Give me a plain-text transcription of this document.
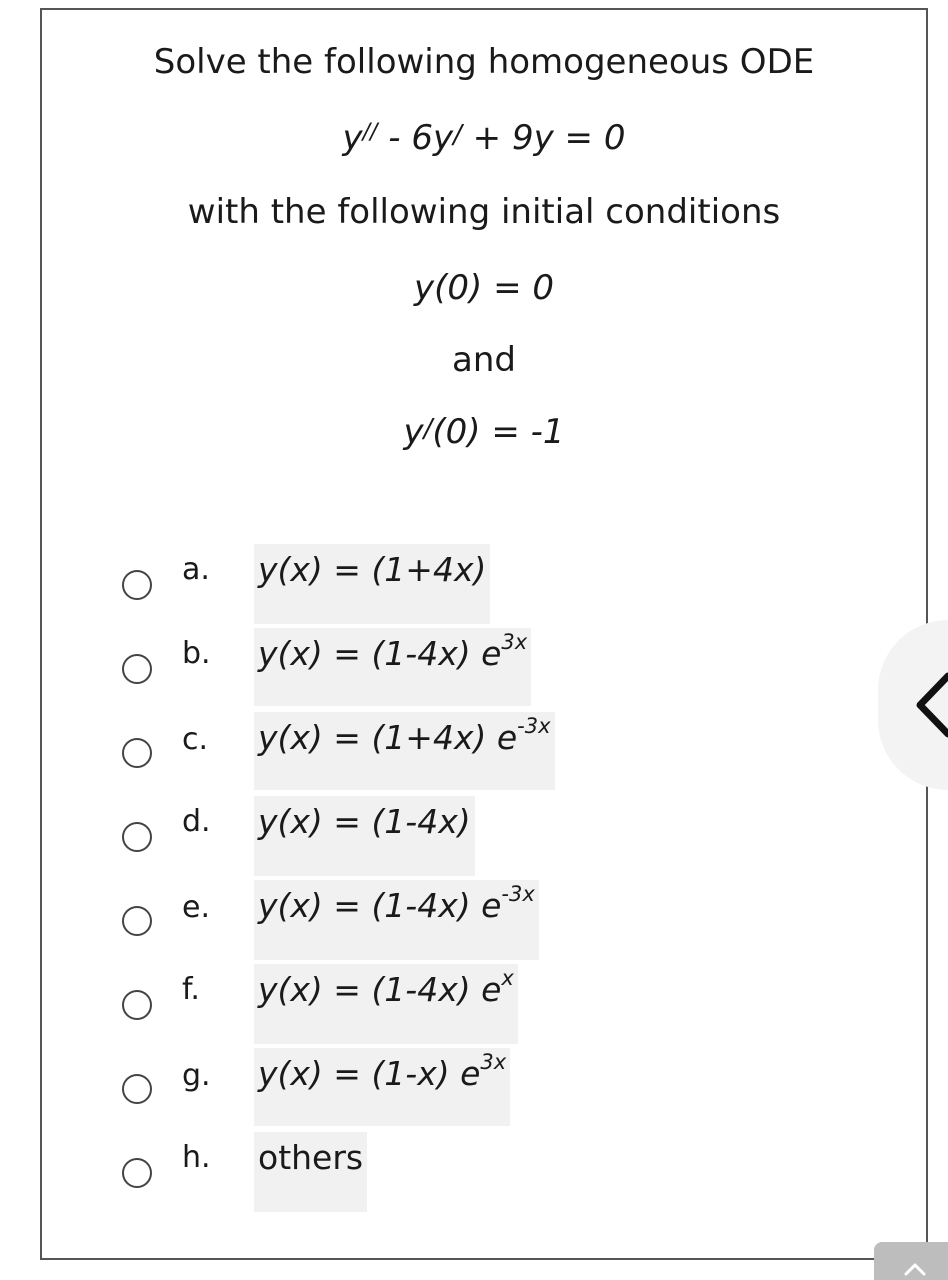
Solve the following homogeneous ODE
y// - 6y/ + 9y = 0
with the following initial conditions
y(0) = 0
and
y/(0) = -1
a. y(x) = (1+4x)
b. y(x) = (1-4x) $e^{3x}$
c. y(x) = (1+4x) $e^{-3x}$
d. y(x) = (1-4x)
e. y(x) = (1-4x) $e^{-3x}$
f. y(x) = (1-4x) $e^x$
g. y(x) = (1-x) $e^{3x}$
h. others
